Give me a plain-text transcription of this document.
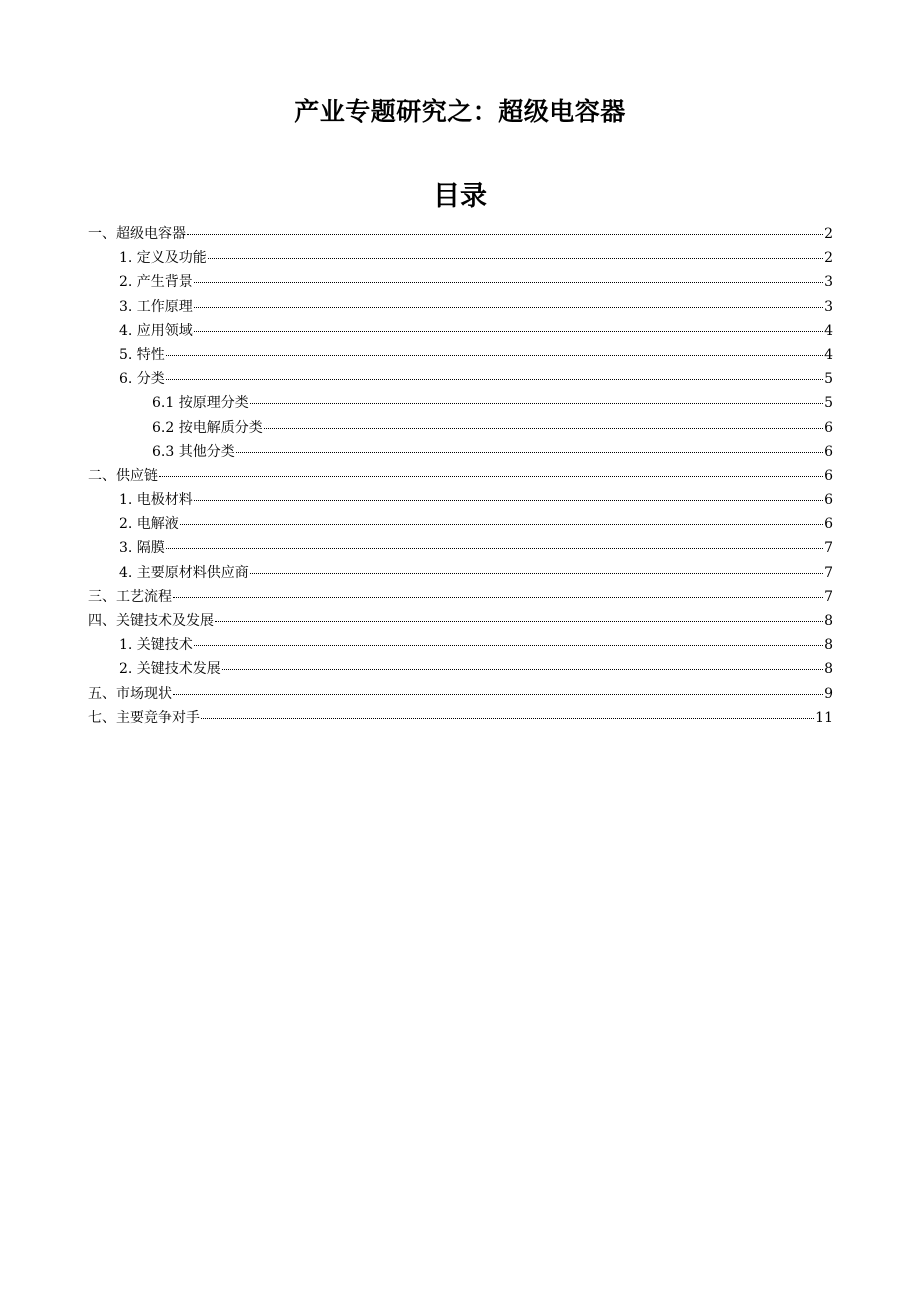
产业专题研究之：超级电容器
目录
一、超级电容器	2
1. 定义及功能	2
2. 产生背景	3
3. 工作原理	3
4. 应用领域	4
5. 特性	4
6. 分类	5
6.1 按原理分类	5
6.2 按电解质分类	6
6.3 其他分类	6
二、供应链	6
1. 电极材料	6
2. 电解液	6
3. 隔膜	7
4. 主要原材料供应商	7
三、工艺流程	7
四、关键技术及发展	8
1. 关键技术	8
2. 关键技术发展	8
五、市场现状	9
七、主要竞争对手	11
